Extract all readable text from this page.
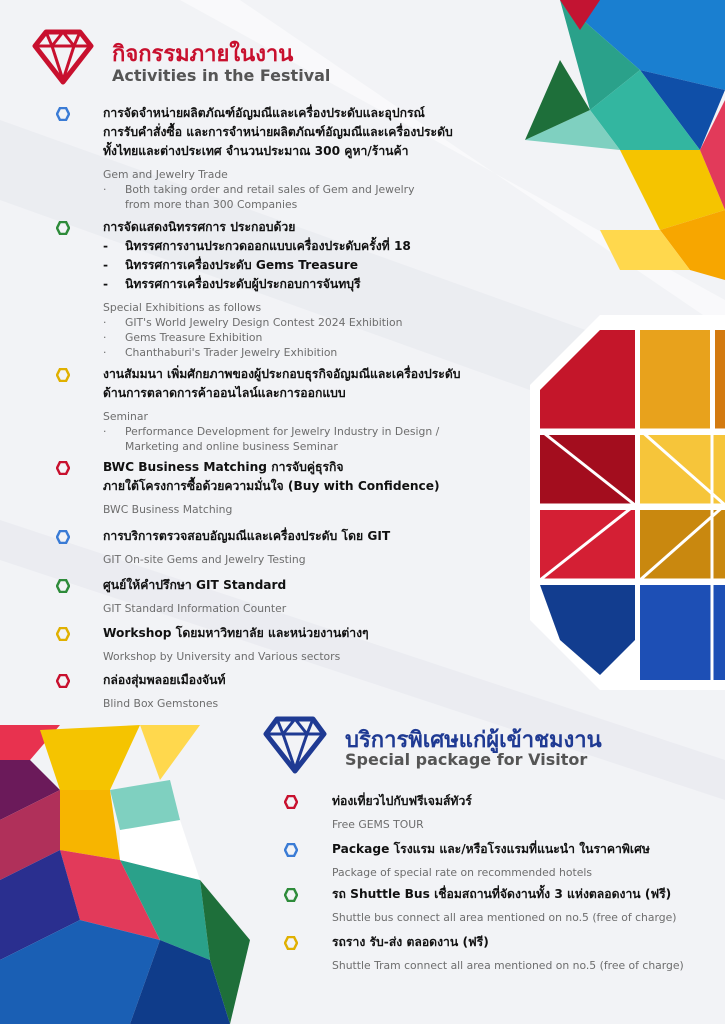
กิจกรรมภายในงาน
Activities in the Festival
การจัดจำหน่ายผลิตภัณฑ์อัญมณีและเครื่องประดับและอุปกรณ์
การรับคำสั่งซื้อ และการจำหน่ายผลิตภัณฑ์อัญมณีและเครื่องประดับ
ทั้งไทยและต่างประเทศ จำนวนประมาณ 300 คูหา/ร้านค้า
Gem and Jewelry Trade
· Both taking order and retail sales of Gem and Jewelry
from more than 300 Companies
การจัดแสดงนิทรรศการ ประกอบด้วย
- นิทรรศการงานประกวดออกแบบเครื่องประดับครั้งที่ 18
- นิทรรศการเครื่องประดับ Gems Treasure
- นิทรรศการเครื่องประดับผู้ประกอบการจันทบุรี
Special Exhibitions as follows
· GIT's World Jewelry Design Contest 2024 Exhibition
· Gems Treasure Exhibition
· Chanthaburi's Trader Jewelry Exhibition
งานสัมมนา เพิ่มศักยภาพของผู้ประกอบธุรกิจอัญมณีและเครื่องประดับ
ด้านการตลาดการค้าออนไลน์และการออกแบบ
Seminar
· Performance Development for Jewelry Industry in Design /
Marketing and online business Seminar
BWC Business Matching การจับคู่ธุรกิจ
ภายใต้โครงการซื้อด้วยความมั่นใจ (Buy with Confidence)
BWC Business Matching
การบริการตรวจสอบอัญมณีและเครื่องประดับ โดย GIT
GIT On-site Gems and Jewelry Testing
ศูนย์ให้คำปรึกษา GIT Standard
GIT Standard Information Counter
Workshop โดยมหาวิทยาลัย และหน่วยงานต่างๆ
Workshop by University and Various sectors
กล่องสุ่มพลอยเมืองจันท์
Blind Box Gemstones
บริการพิเศษแก่ผู้เข้าชมงาน
Special package for Visitor
ท่องเที่ยวไปกับฟรีเจมส์ทัวร์
Free GEMS TOUR
Package โรงแรม และ/หรือโรงแรมที่แนะนำ ในราคาพิเศษ
Package of special rate on recommended hotels
รถ Shuttle Bus เชื่อมสถานที่จัดงานทั้ง 3 แห่งตลอดงาน (ฟรี)
Shuttle bus connect all area mentioned on no.5 (free of charge)
รถราง รับ-ส่ง ตลอดงาน (ฟรี)
Shuttle Tram connect all area mentioned on no.5 (free of charge)
